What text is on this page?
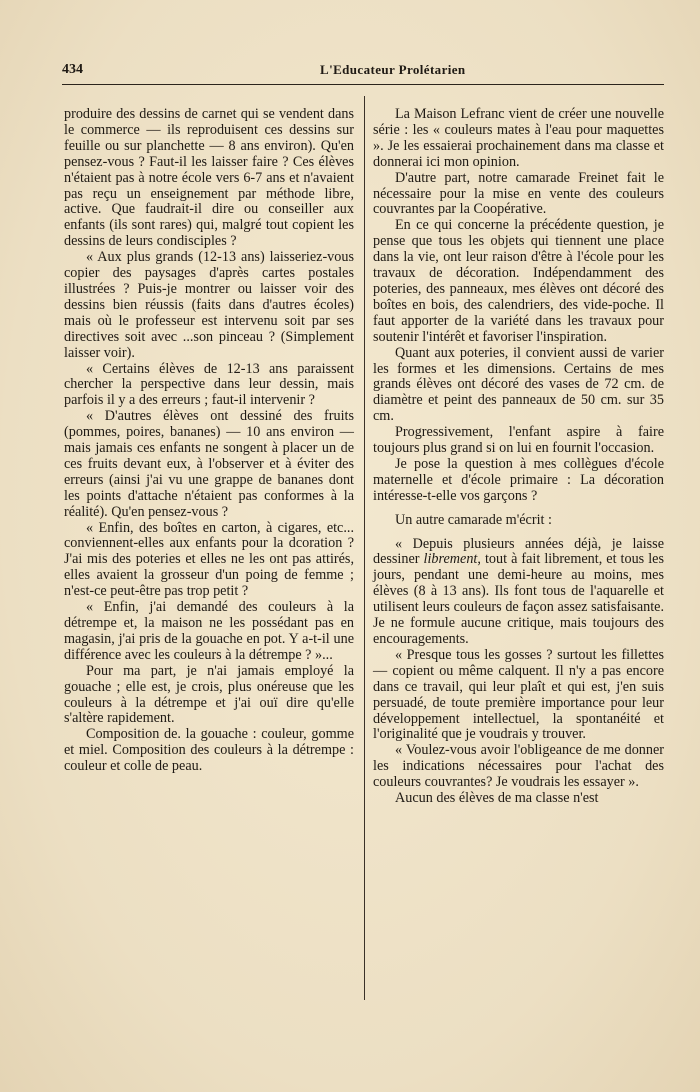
434	L'Educateur Prolétarien

produire des dessins de carnet qui se vendent dans le commerce — ils reproduisent ces dessins sur feuille ou sur planchette — 8 ans environ). Qu'en pensez-vous ? Faut-il les laisser faire ? Ces élèves n'étaient pas à notre école vers 6-7 ans et n'avaient pas reçu un enseignement par méthode libre, active. Que faudrait-il dire ou conseiller aux enfants (ils sont rares) qui, malgré tout copient les dessins de leurs condisciples ?

« Aux plus grands (12-13 ans) laisseriez-vous copier des paysages d'après cartes postales illustrées ? Puis-je montrer ou laisser voir des dessins bien réussis (faits dans d'autres écoles) mais où le professeur est intervenu soit par ses directives soit avec ...son pinceau ? (Simplement laisser voir).

« Certains élèves de 12-13 ans paraissent chercher la perspective dans leur dessin, mais parfois il y a des erreurs ; faut-il intervenir ?

« D'autres élèves ont dessiné des fruits (pommes, poires, bananes) — 10 ans environ — mais jamais ces enfants ne songent à placer un de ces fruits devant eux, à l'observer et à éviter des erreurs (ainsi j'ai vu une grappe de bananes dont les points d'attache n'étaient pas conformes à la réalité). Qu'en pensez-vous ?

« Enfin, des boîtes en carton, à cigares, etc... conviennent-elles aux enfants pour la dcoration ? J'ai mis des poteries et elles ne les ont pas attirés, elles avaient la grosseur d'un poing de femme ; n'est-ce peut-être pas trop petit ?

« Enfin, j'ai demandé des couleurs à la détrempe et, la maison ne les possédant pas en magasin, j'ai pris de la gouache en pot. Y a-t-il une différence avec les couleurs à la détrempe ? »...

Pour ma part, je n'ai jamais employé la gouache ; elle est, je crois, plus onéreuse que les couleurs à la détrempe et j'ai ouï dire qu'elle s'altère rapidement.

Composition de. la gouache : couleur, gomme et miel. Composition des couleurs à la détrempe : couleur et colle de peau.

La Maison Lefranc vient de créer une nouvelle série : les « couleurs mates à l'eau pour maquettes ». Je les essaierai prochainement dans ma classe et donnerai ici mon opinion.

D'autre part, notre camarade Freinet fait le nécessaire pour la mise en vente des couleurs couvrantes par la Coopérative.

En ce qui concerne la précédente question, je pense que tous les objets qui tiennent une place dans la vie, ont leur raison d'être à l'école pour les travaux de décoration. Indépendamment des poteries, des panneaux, mes élèves ont décoré des boîtes en bois, des calendriers, des vide-poche. Il faut apporter de la variété dans les travaux pour soutenir l'intérêt et favoriser l'inspiration.

Quant aux poteries, il convient aussi de varier les formes et les dimensions. Certains de mes grands élèves ont décoré des vases de 72 cm. de diamètre et peint des panneaux de 50 cm. sur 35 cm.

Progressivement, l'enfant aspire à faire toujours plus grand si on lui en fournit l'occasion.

Je pose la question à mes collègues d'école maternelle et d'école primaire : La décoration intéresse-t-elle vos garçons ?

Un autre camarade m'écrit :

« Depuis plusieurs années déjà, je laisse dessiner librement, tout à fait librement, et tous les jours, pendant une demi-heure au moins, mes élèves (8 à 13 ans). Ils font tous de l'aquarelle et utilisent leurs couleurs de façon assez satisfaisante. Je ne formule aucune critique, mais toujours des encouragements.

« Presque tous les gosses ? surtout les fillettes — copient ou même calquent. Il n'y a pas encore dans ce travail, qui leur plaît et qui est, j'en suis persuadé, de toute première importance pour leur développement intellectuel, la spontanéité et l'originalité que je voudrais y trouver.

« Voulez-vous avoir l'obligeance de me donner les indications nécessaires pour l'achat des couleurs couvrantes? Je voudrais les essayer ».

Aucun des élèves de ma classe n'est
